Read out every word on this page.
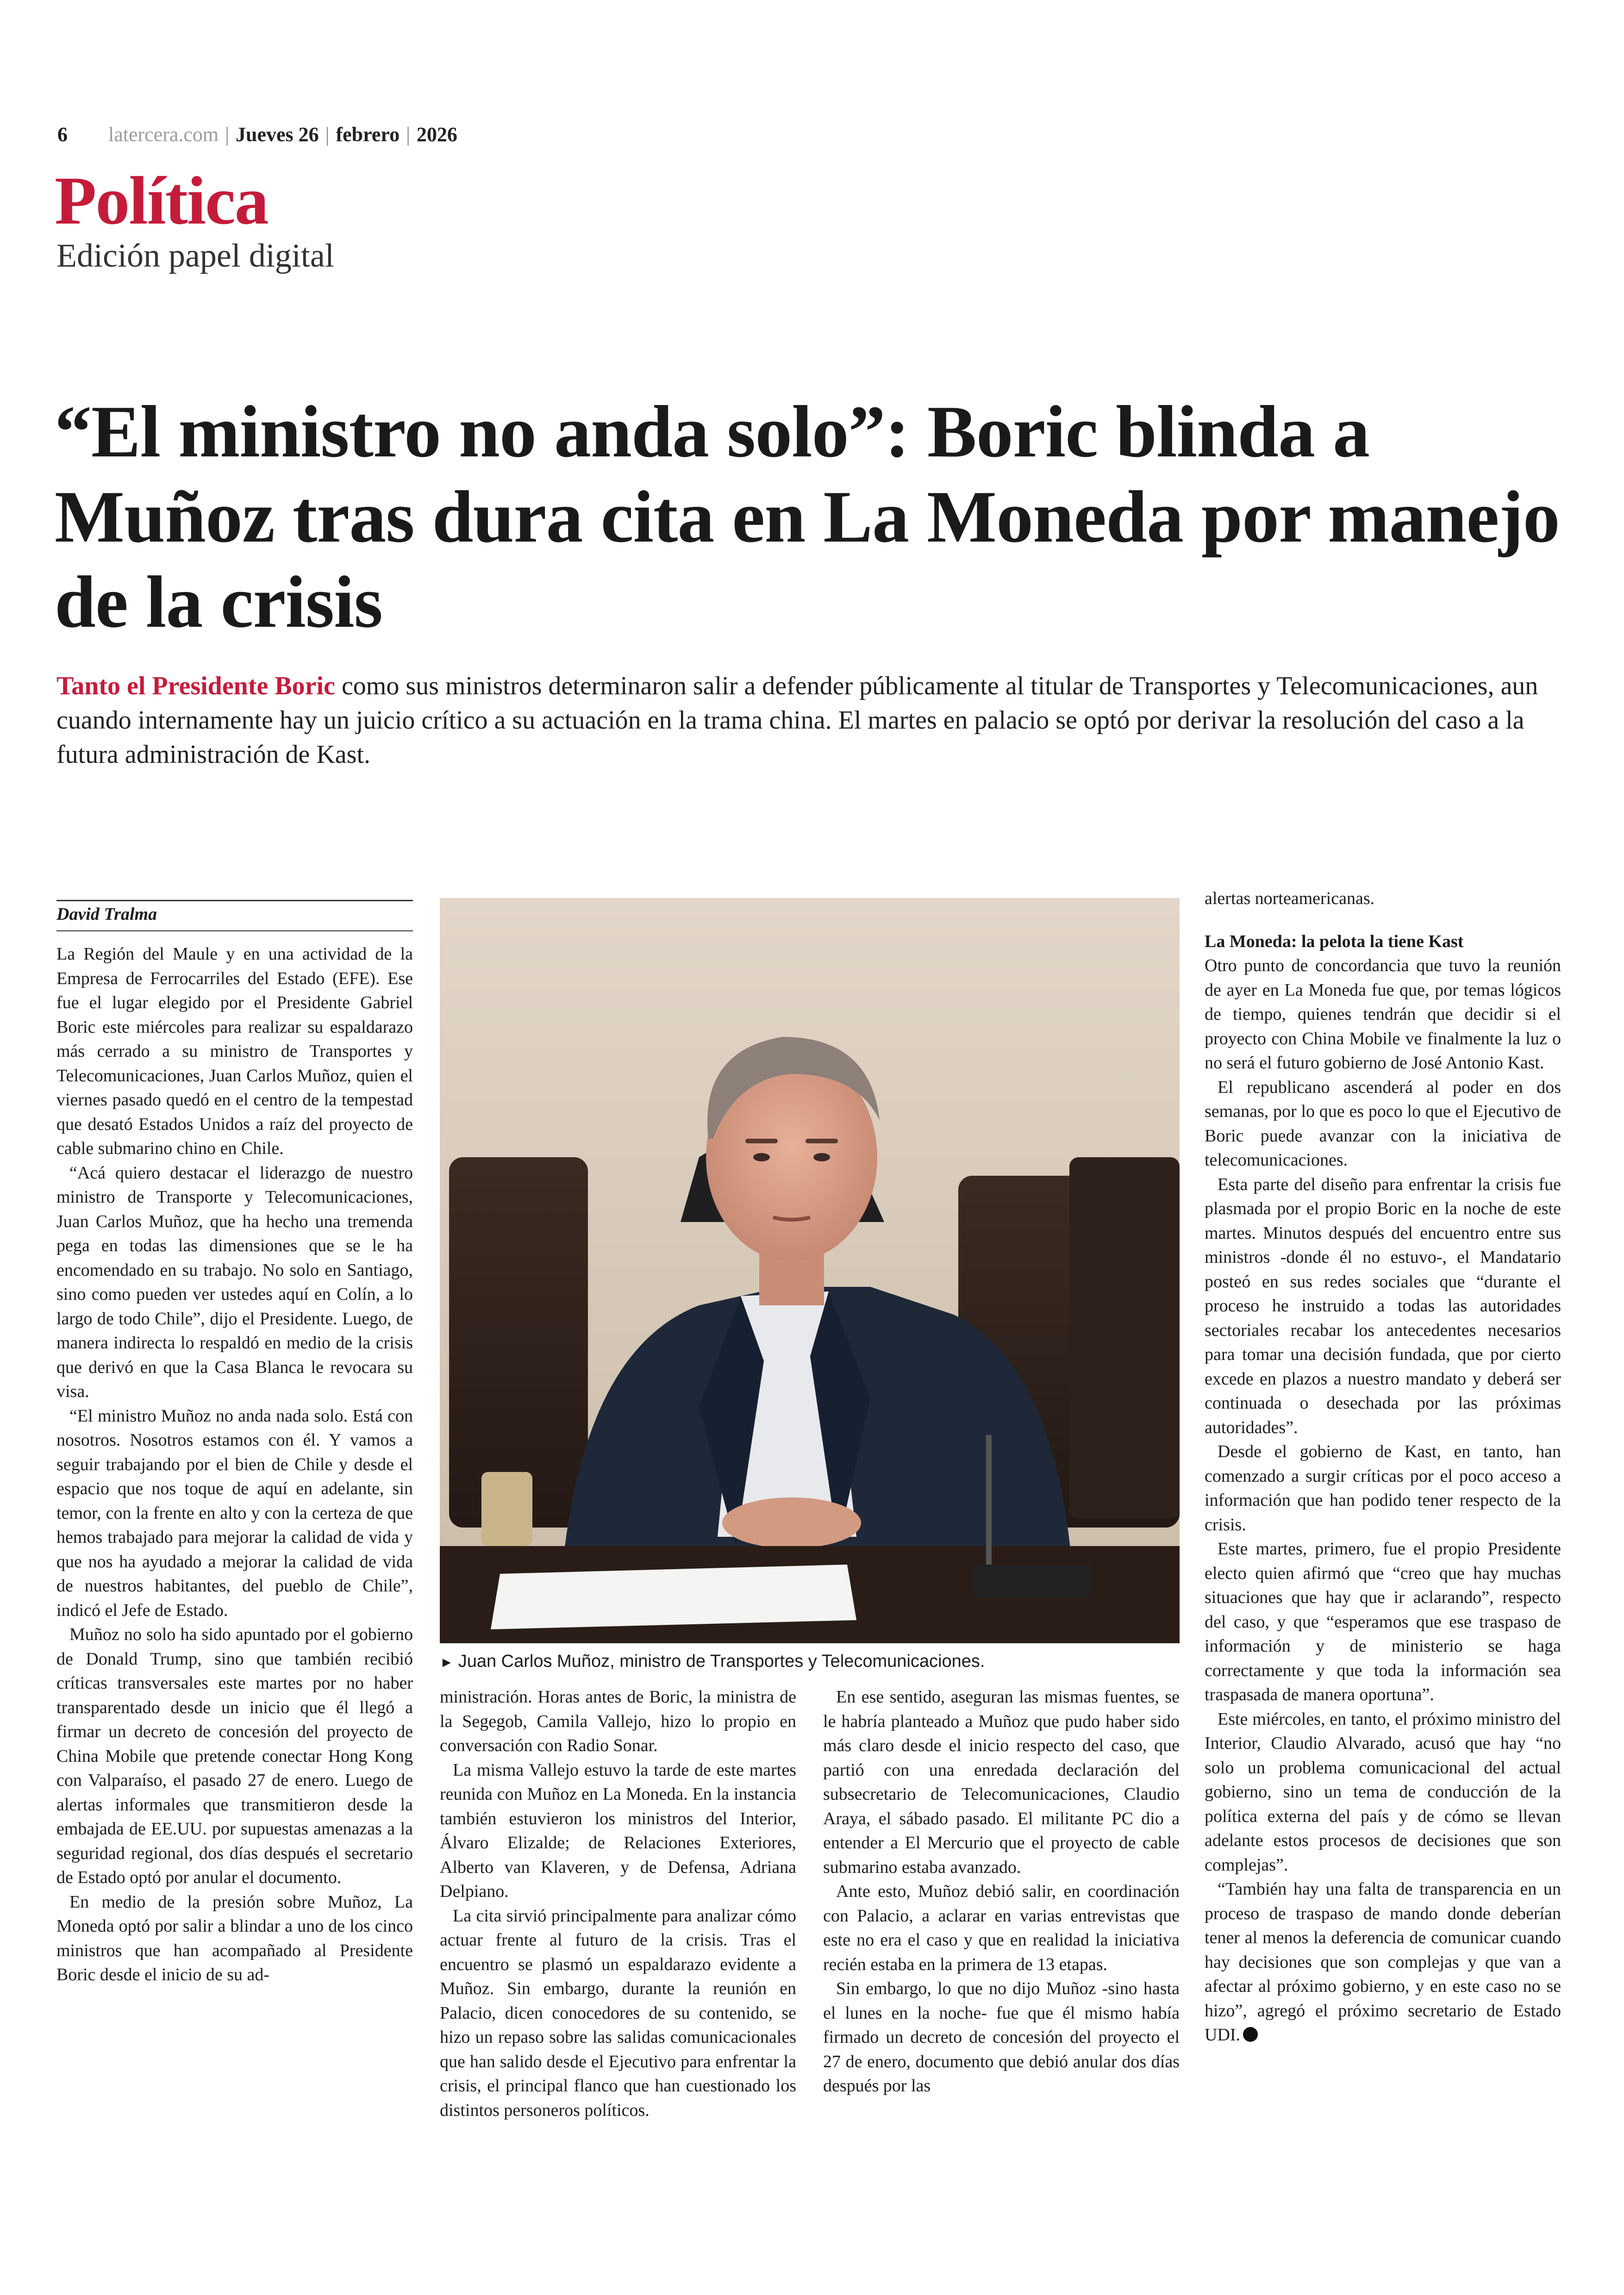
6 latercera.com | Jueves 26 | febrero | 2026
Política
Edición papel digital
“El ministro no anda solo”: Boric blinda a Muñoz tras dura cita en La Moneda por manejo de la crisis
Tanto el Presidente Boric como sus ministros determinaron salir a defender públicamente al titular de Transportes y Telecomunicaciones, aun cuando internamente hay un juicio crítico a su actuación en la trama china. El martes en palacio se optó por derivar la resolución del caso a la futura administración de Kast.
David Tralma

La Región del Maule y en una actividad de la Empresa de Ferrocarriles del Estado (EFE). Ese fue el lugar elegido por el Presidente Gabriel Boric este miércoles para realizar su espaldarazo más cerrado a su ministro de Transportes y Telecomunicaciones, Juan Carlos Muñoz, quien el viernes pasado quedó en el centro de la tempestad que desató Estados Unidos a raíz del proyecto de cable submarino chino en Chile.

“Acá quiero destacar el liderazgo de nuestro ministro de Transporte y Telecomunicaciones, Juan Carlos Muñoz, que ha hecho una tremenda pega en todas las dimensiones que se le ha encomendado en su trabajo. No solo en Santiago, sino como pueden ver ustedes aquí en Colín, a lo largo de todo Chile”, dijo el Presidente. Luego, de manera indirecta lo respaldó en medio de la crisis que derivó en que la Casa Blanca le revocara su visa.

“El ministro Muñoz no anda nada solo. Está con nosotros. Nosotros estamos con él. Y vamos a seguir trabajando por el bien de Chile y desde el espacio que nos toque de aquí en adelante, sin temor, con la frente en alto y con la certeza de que hemos trabajado para mejorar la calidad de vida y que nos ha ayudado a mejorar la calidad de vida de nuestros habitantes, del pueblo de Chile”, indicó el Jefe de Estado.

Muñoz no solo ha sido apuntado por el gobierno de Donald Trump, sino que también recibió críticas transversales este martes por no haber transparentado desde un inicio que él llegó a firmar un decreto de concesión del proyecto de China Mobile que pretende conectar Hong Kong con Valparaíso, el pasado 27 de enero. Luego de alertas informales que transmitieron desde la embajada de EE.UU. por supuestas amenazas a la seguridad regional, dos días después el secretario de Estado optó por anular el documento.

En medio de la presión sobre Muñoz, La Moneda optó por salir a blindar a uno de los cinco ministros que han acompañado al Presidente Boric desde el inicio de su ad-

► Juan Carlos Muñoz, ministro de Transportes y Telecomunicaciones.

ministración. Horas antes de Boric, la ministra de la Segegob, Camila Vallejo, hizo lo propio en conversación con Radio Sonar.

La misma Vallejo estuvo la tarde de este martes reunida con Muñoz en La Moneda. En la instancia también estuvieron los ministros del Interior, Álvaro Elizalde; de Relaciones Exteriores, Alberto van Klaveren, y de Defensa, Adriana Delpiano.

La cita sirvió principalmente para analizar cómo actuar frente al futuro de la crisis. Tras el encuentro se plasmó un espaldarazo evidente a Muñoz. Sin embargo, durante la reunión en Palacio, dicen conocedores de su contenido, se hizo un repaso sobre las salidas comunicacionales que han salido desde el Ejecutivo para enfrentar la crisis, el principal flanco que han cuestionado los distintos personeros políticos.

En ese sentido, aseguran las mismas fuentes, se le habría planteado a Muñoz que pudo haber sido más claro desde el inicio respecto del caso, que partió con una enredada declaración del subsecretario de Telecomunicaciones, Claudio Araya, el sábado pasado. El militante PC dio a entender a El Mercurio que el proyecto de cable submarino estaba avanzado.

Ante esto, Muñoz debió salir, en coordinación con Palacio, a aclarar en varias entrevistas que este no era el caso y que en realidad la iniciativa recién estaba en la primera de 13 etapas.

Sin embargo, lo que no dijo Muñoz -sino hasta el lunes en la noche- fue que él mismo había firmado un decreto de concesión del proyecto el 27 de enero, documento que debió anular dos días después por las

alertas norteamericanas.

La Moneda: la pelota la tiene Kast

Otro punto de concordancia que tuvo la reunión de ayer en La Moneda fue que, por temas lógicos de tiempo, quienes tendrán que decidir si el proyecto con China Mobile ve finalmente la luz o no será el futuro gobierno de José Antonio Kast.

El republicano ascenderá al poder en dos semanas, por lo que es poco lo que el Ejecutivo de Boric puede avanzar con la iniciativa de telecomunicaciones.

Esta parte del diseño para enfrentar la crisis fue plasmada por el propio Boric en la noche de este martes. Minutos después del encuentro entre sus ministros -donde él no estuvo-, el Mandatario posteó en sus redes sociales que “durante el proceso he instruido a todas las autoridades sectoriales recabar los antecedentes necesarios para tomar una decisión fundada, que por cierto excede en plazos a nuestro mandato y deberá ser continuada o desechada por las próximas autoridades”.

Desde el gobierno de Kast, en tanto, han comenzado a surgir críticas por el poco acceso a información que han podido tener respecto de la crisis.

Este martes, primero, fue el propio Presidente electo quien afirmó que “creo que hay muchas situaciones que hay que ir aclarando”, respecto del caso, y que “esperamos que ese traspaso de información y de ministerio se haga correctamente y que toda la información sea traspasada de manera oportuna”.

Este miércoles, en tanto, el próximo ministro del Interior, Claudio Alvarado, acusó que hay “no solo un problema comunicacional del actual gobierno, sino un tema de conducción de la política externa del país y de cómo se llevan adelante estos procesos de decisiones que son complejas”.

“También hay una falta de transparencia en un proceso de traspaso de mando donde deberían tener al menos la deferencia de comunicar cuando hay decisiones que son complejas y que van a afectar al próximo gobierno, y en este caso no se hizo”, agregó el próximo secretario de Estado UDI.
